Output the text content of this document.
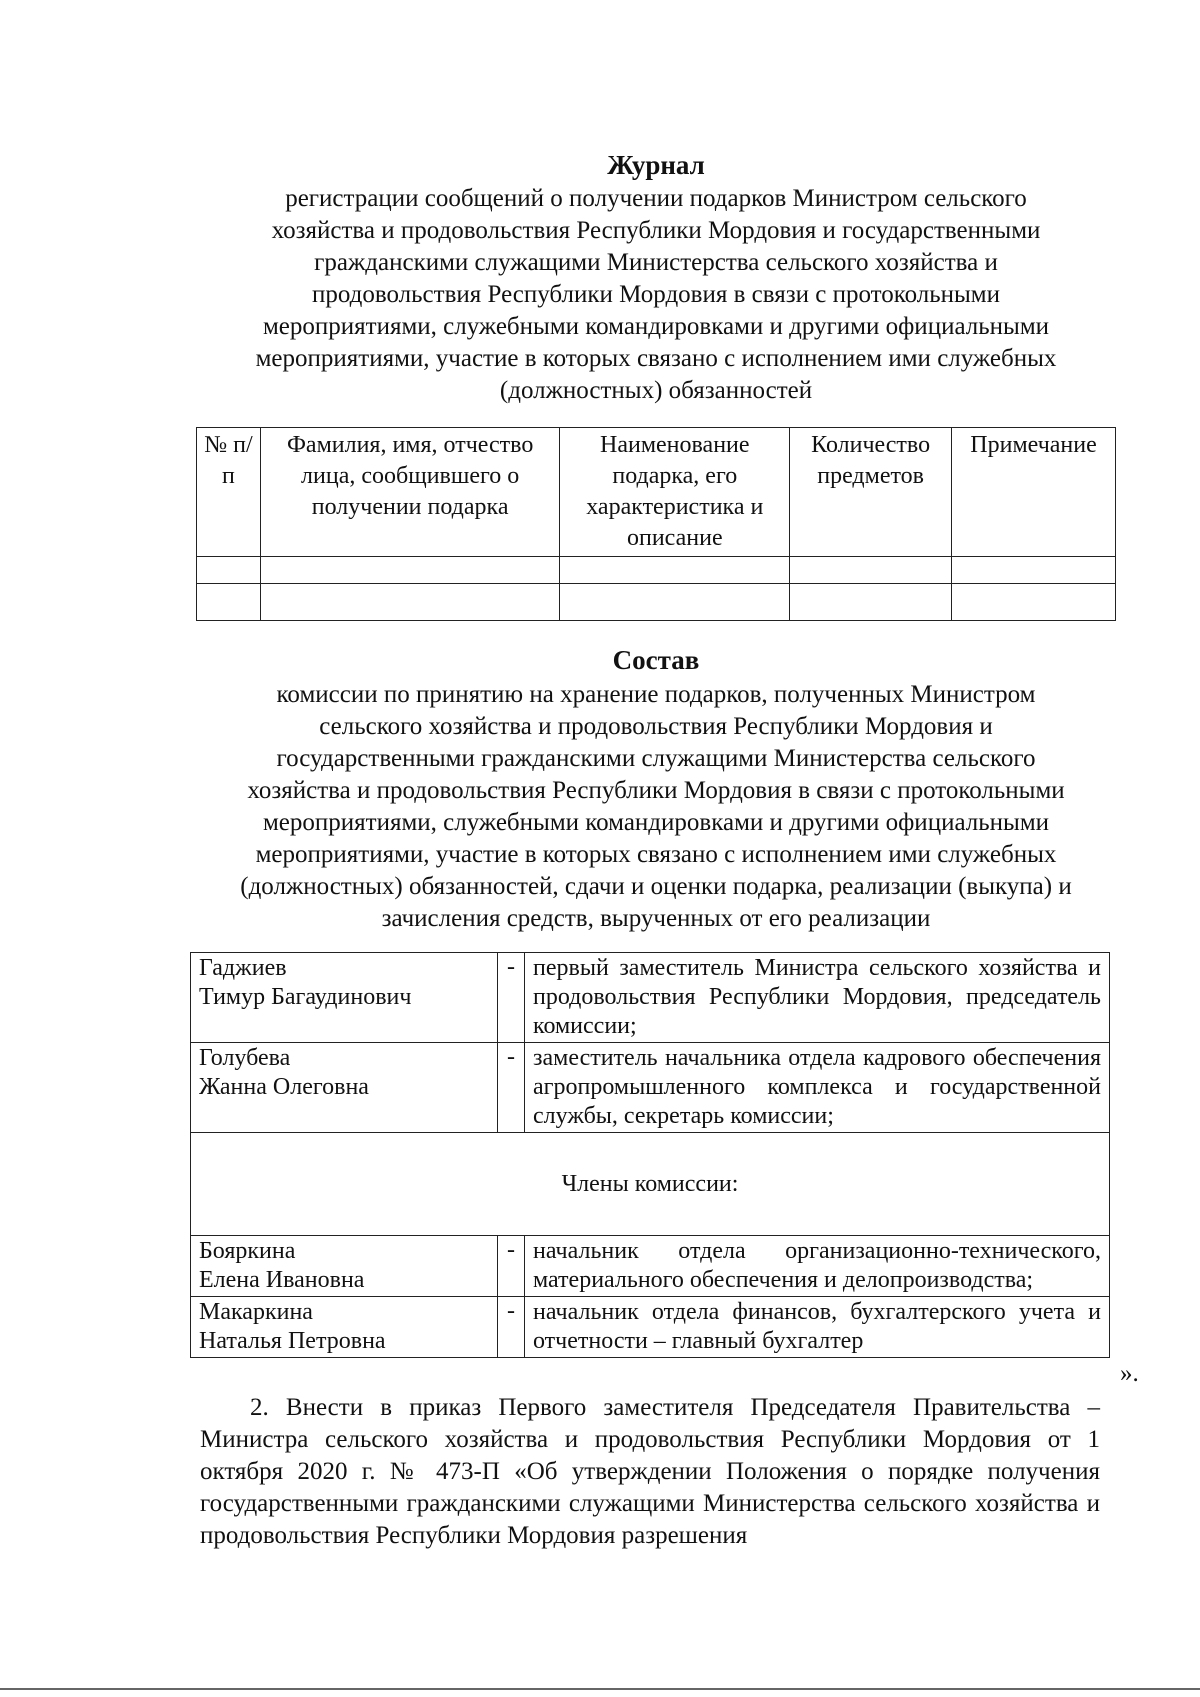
Журнал
регистрации сообщений о получении подарков Министром сельского
хозяйства и продовольствия Республики Мордовия и государственными
гражданскими служащими Министерства сельского хозяйства и
продовольствия Республики Мордовия в связи с протокольными
мероприятиями, служебными командировками и другими официальными
мероприятиями, участие в которых связано с исполнением ими служебных
(должностных) обязанностей
№ п/п	Фамилия, имя, отчество лица, сообщившего о получении подарка	Наименование подарка, его характеристика и описание	Количество предметов	Примечание

Состав
комиссии по принятию на хранение подарков, полученных Министром
сельского хозяйства и продовольствия Республики Мордовия и
государственными гражданскими служащими Министерства сельского
хозяйства и продовольствия Республики Мордовия в связи с протокольными
мероприятиями, служебными командировками и другими официальными
мероприятиями, участие в которых связано с исполнением ими служебных
(должностных) обязанностей, сдачи и оценки подарка, реализации (выкупа) и
зачисления средств, вырученных от его реализации
Гаджиев
Тимур Багаудинович	-	первый заместитель Министра сельского хозяйства и продовольствия Республики Мордовия, председатель комиссии;

Голубева
Жанна Олеговна	-	заместитель начальника отдела кадрового обеспечения агропромышленного комплекса и государственной службы, секретарь комиссии;
Члены комиссии:		

Бояркина
Елена Ивановна	-	начальник отдела организационно-технического, материального обеспечения и делопроизводства;

Макаркина
Наталья Петровна	-	начальник отдела финансов, бухгалтерского учета и отчетности – главный бухгалтер
».
2. Внести в приказ Первого заместителя Председателя Правительства – Министра сельского хозяйства и продовольствия Республики Мордовия от 1 октября 2020 г. № 473-П «Об утверждении Положения о порядке получения государственными гражданскими служащими Министерства сельского хозяйства и продовольствия Республики Мордовия разрешения
